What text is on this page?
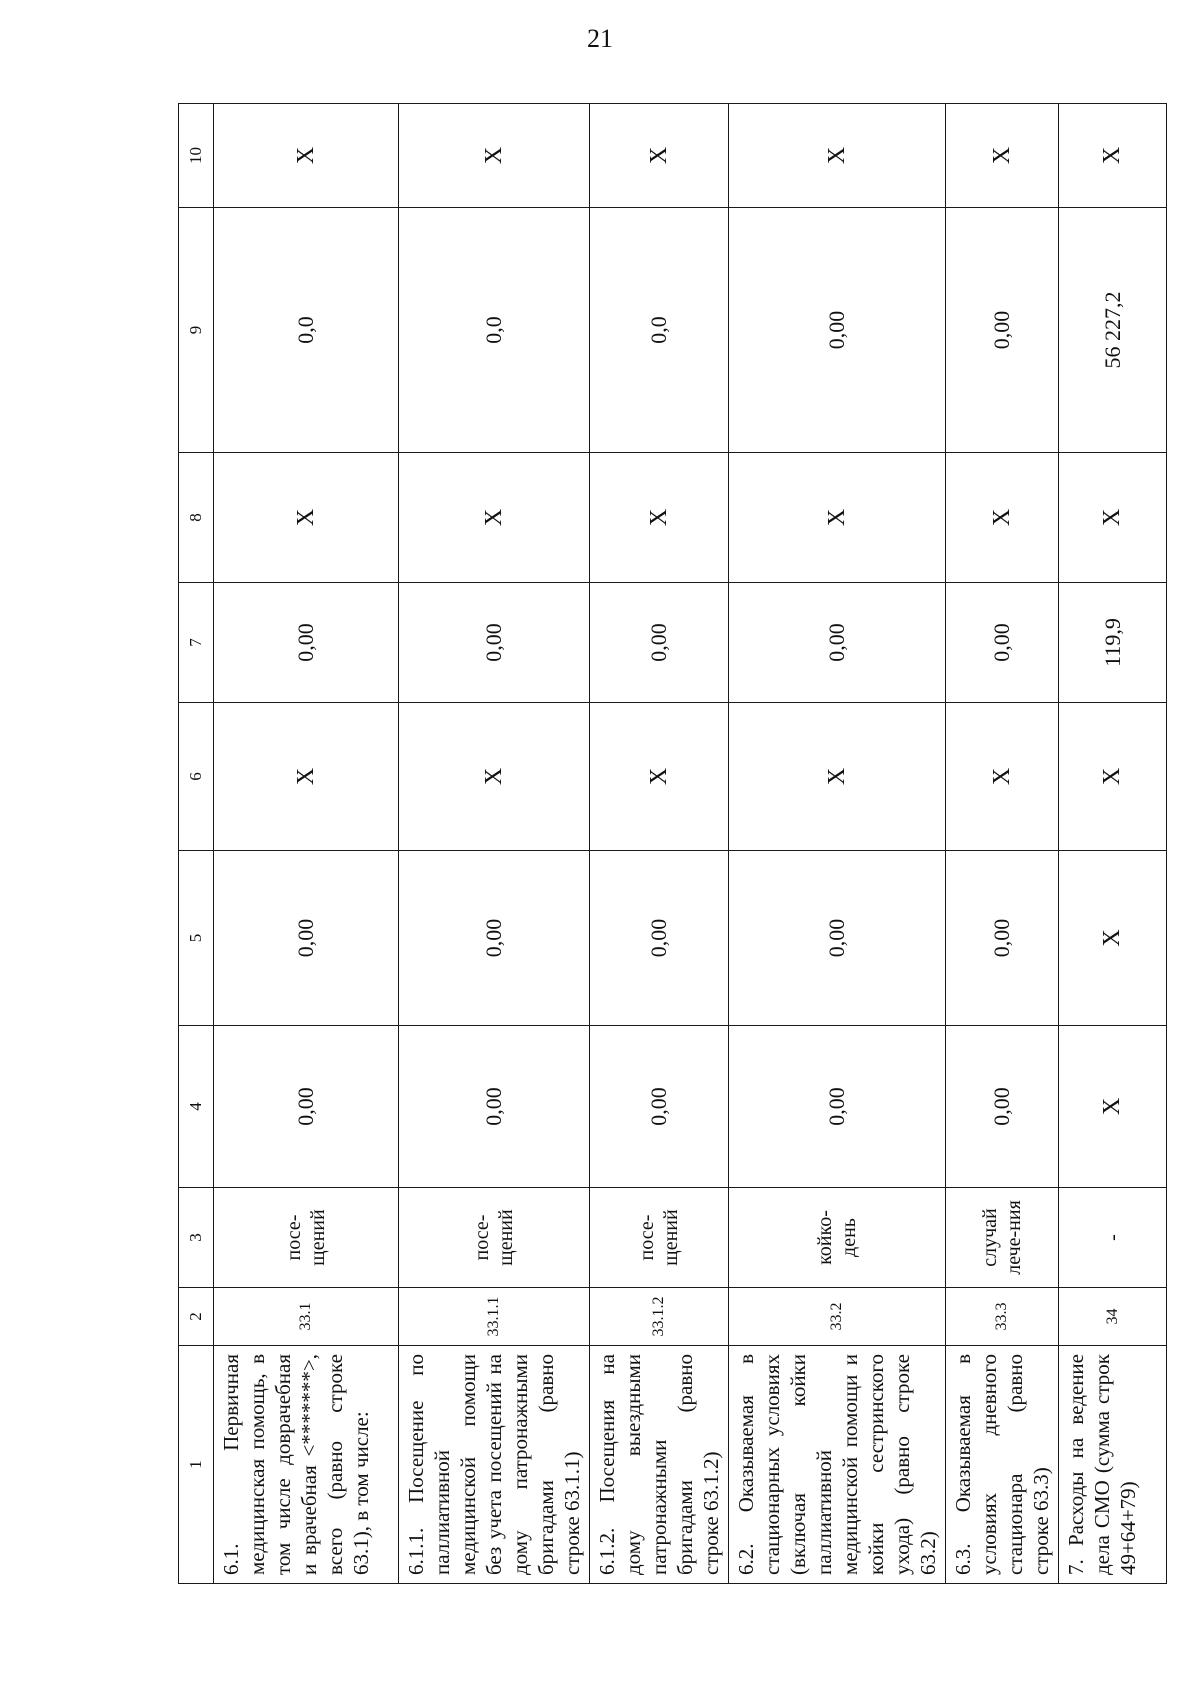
21
1	2	3	4	5	6	7	8	9	10
6.1. Первичная медицинская помощь, в том числе доврачебная и врачебная <*******>, всего (равно строке 63.1), в том числе:	33.1	посе-щений	0,00	0,00	Х	0,00	Х	0,0	Х
6.1.1. Посещение по паллиативной медицинской помощи без учета посещений на дому патронажными бригадами (равно строке 63.1.1)	33.1.1	посе-щений	0,00	0,00	Х	0,00	Х	0,0	Х
6.1.2. Посещения на дому выездными патронажными бригадами (равно строке 63.1.2)	33.1.2	посе-щений	0,00	0,00	Х	0,00	Х	0,0	Х
6.2. Оказываемая в стационарных условиях (включая койки паллиативной медицинской помощи и койки сестринского ухода) (равно строке 63.2)	33.2	койко-день	0,00	0,00	Х	0,00	Х	0,00	Х
6.3. Оказываемая в условиях дневного стационара (равно строке 63.3)	33.3	случай лече-ния	0,00	0,00	Х	0,00	Х	0,00	Х
7. Расходы на ведение дела СМО (сумма строк 49+64+79)	34	-	Х	Х	Х	119,9	Х	56 227,2	Х
